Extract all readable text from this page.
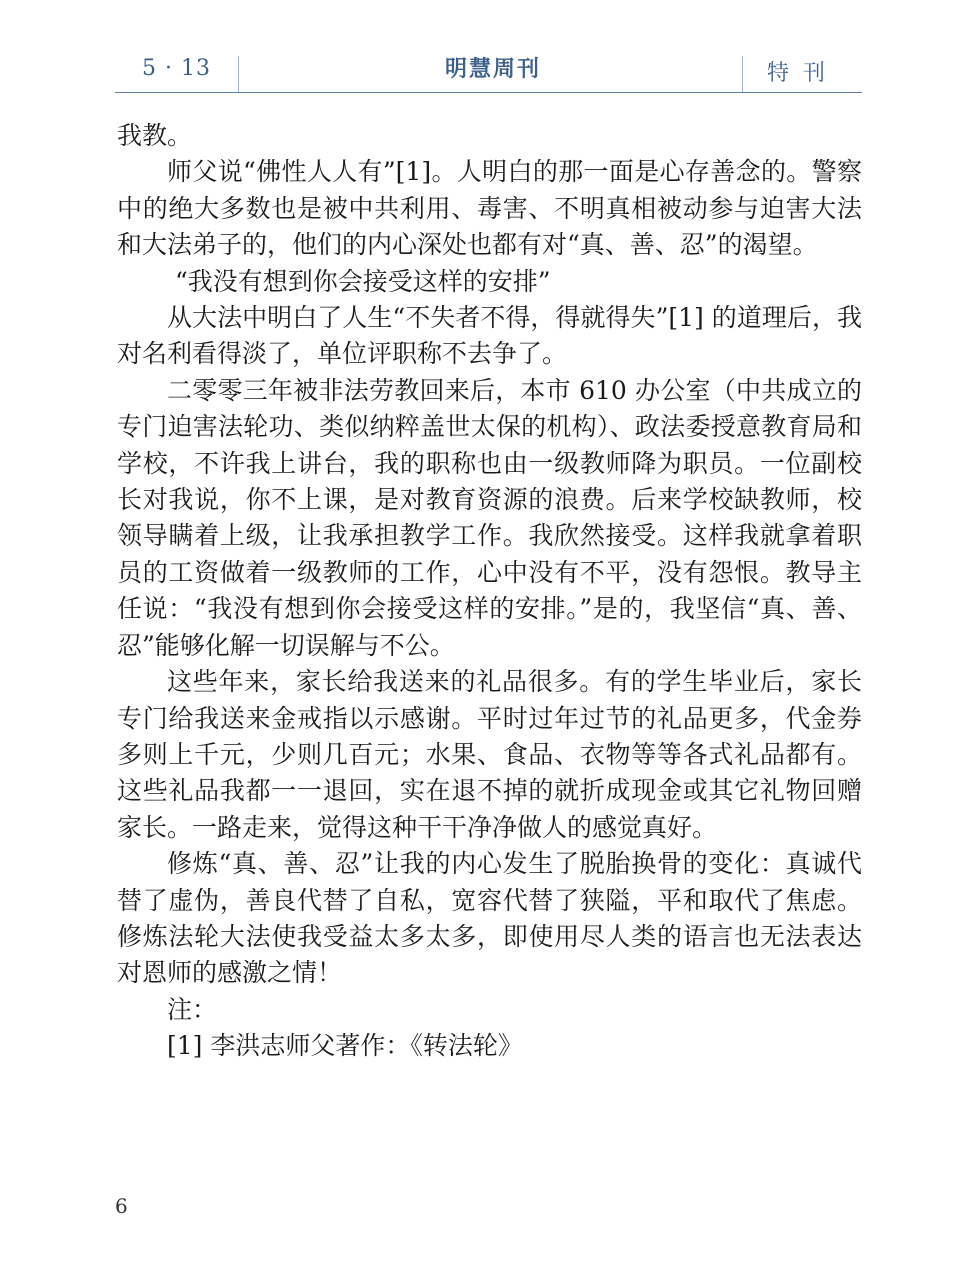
5 · 13	明慧周刊	特刊

我教。

师父说“佛性人人有”[1]。人明白的那一面是心存善念的。警察中的绝大多数也是被中共利用、毒害、不明真相被动参与迫害大法和大法弟子的，他们的内心深处也都有对“真、善、忍”的渴望。

“我没有想到你会接受这样的安排”

从大法中明白了人生“不失者不得，得就得失”[1] 的道理后，我对名利看得淡了，单位评职称不去争了。

二零零三年被非法劳教回来后，本市 610 办公室（中共成立的专门迫害法轮功、类似纳粹盖世太保的机构）、政法委授意教育局和学校，不许我上讲台，我的职称也由一级教师降为职员。一位副校长对我说，你不上课，是对教育资源的浪费。后来学校缺教师，校领导瞒着上级，让我承担教学工作。我欣然接受。这样我就拿着职员的工资做着一级教师的工作，心中没有不平，没有怨恨。教导主任说：“我没有想到你会接受这样的安排。”是的，我坚信“真、善、忍”能够化解一切误解与不公。

这些年来，家长给我送来的礼品很多。有的学生毕业后，家长专门给我送来金戒指以示感谢。平时过年过节的礼品更多，代金券多则上千元，少则几百元；水果、食品、衣物等等各式礼品都有。这些礼品我都一一退回，实在退不掉的就折成现金或其它礼物回赠家长。一路走来，觉得这种干干净净做人的感觉真好。

修炼“真、善、忍”让我的内心发生了脱胎换骨的变化：真诚代替了虚伪，善良代替了自私，宽容代替了狭隘，平和取代了焦虑。修炼法轮大法使我受益太多太多，即使用尽人类的语言也无法表达对恩师的感激之情！

注：

[1] 李洪志师父著作：《转法轮》

6
